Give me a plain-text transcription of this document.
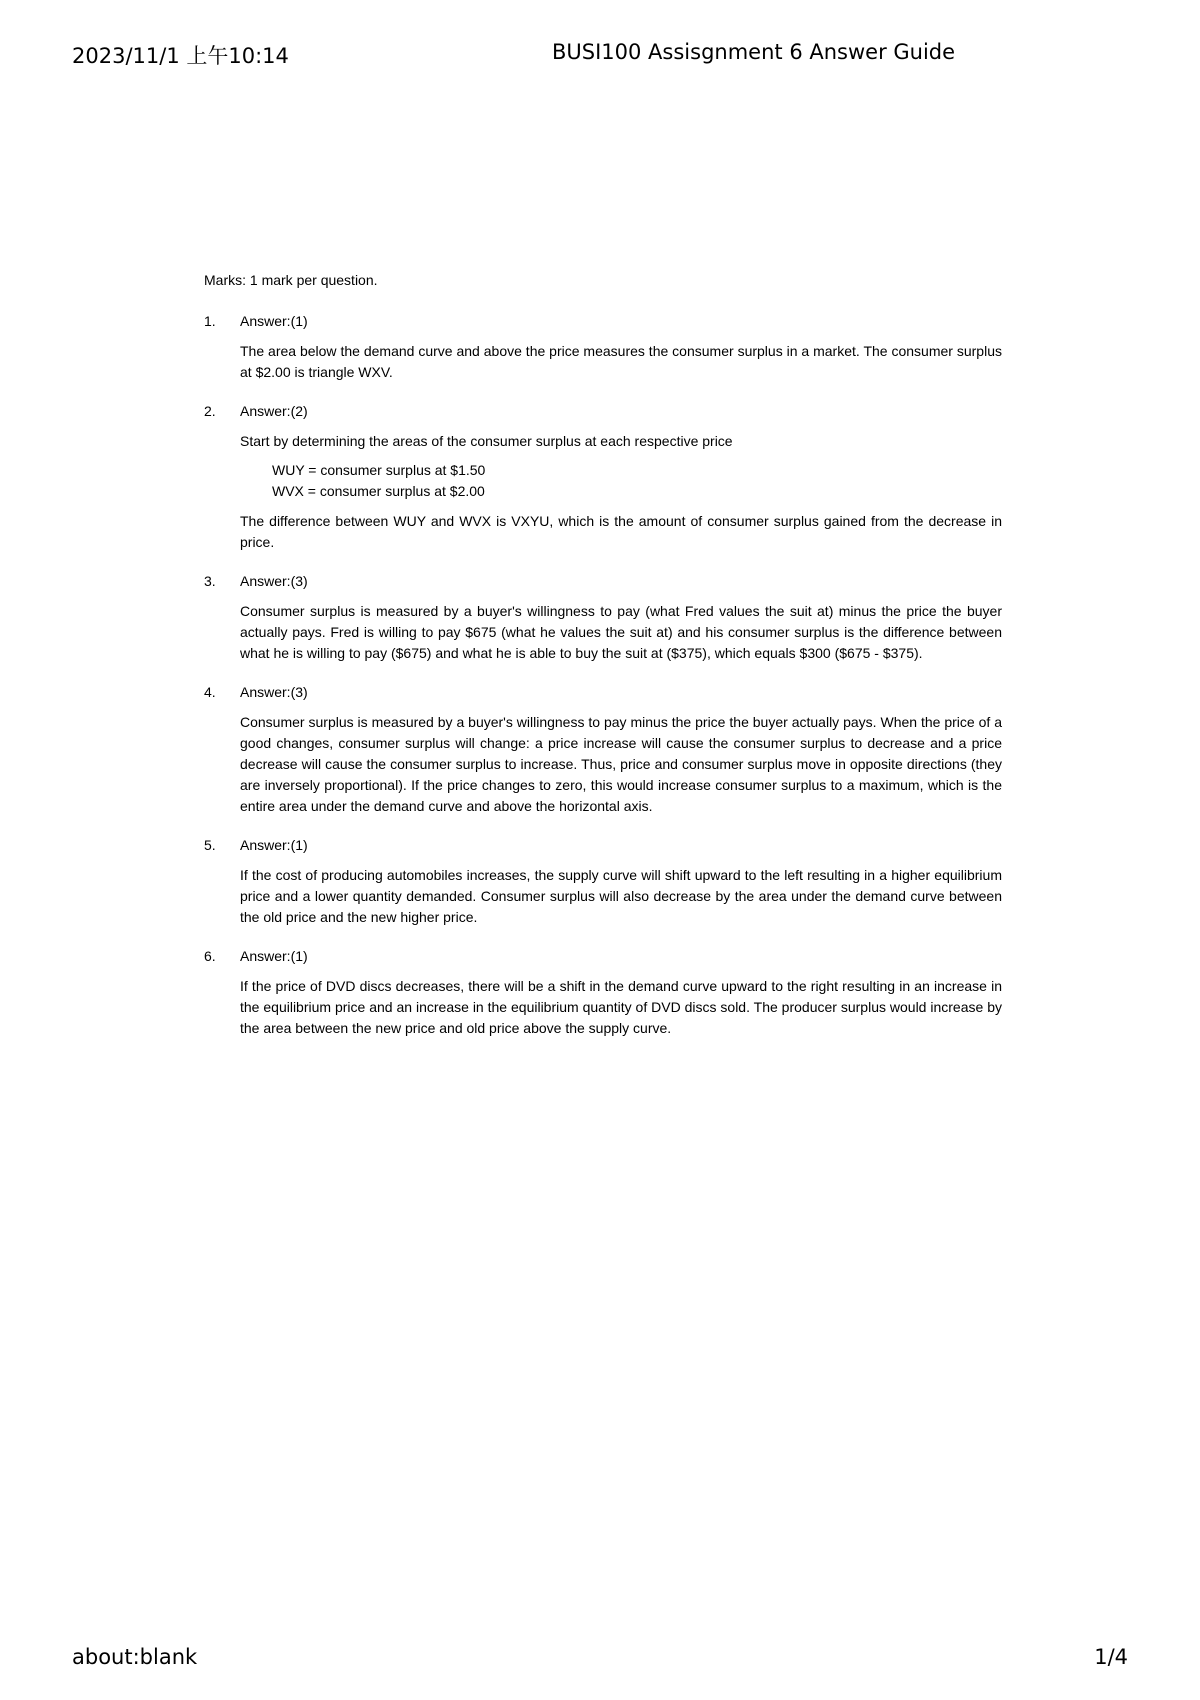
2023/11/1 上午10:14	BUSI100 Assisgnment 6 Answer Guide

Marks: 1 mark per question.

1. Answer:(1)

The area below the demand curve and above the price measures the consumer surplus in a market. The consumer surplus at $2.00 is triangle WXV.

2. Answer:(2)

Start by determining the areas of the consumer surplus at each respective price

WUY = consumer surplus at $1.50
WVX = consumer surplus at $2.00

The difference between WUY and WVX is VXYU, which is the amount of consumer surplus gained from the decrease in price.

3. Answer:(3)

Consumer surplus is measured by a buyer's willingness to pay (what Fred values the suit at) minus the price the buyer actually pays. Fred is willing to pay $675 (what he values the suit at) and his consumer surplus is the difference between what he is willing to pay ($675) and what he is able to buy the suit at ($375), which equals $300 ($675 - $375).

4. Answer:(3)

Consumer surplus is measured by a buyer's willingness to pay minus the price the buyer actually pays. When the price of a good changes, consumer surplus will change: a price increase will cause the consumer surplus to decrease and a price decrease will cause the consumer surplus to increase. Thus, price and consumer surplus move in opposite directions (they are inversely proportional). If the price changes to zero, this would increase consumer surplus to a maximum, which is the entire area under the demand curve and above the horizontal axis.

5. Answer:(1)

If the cost of producing automobiles increases, the supply curve will shift upward to the left resulting in a higher equilibrium price and a lower quantity demanded. Consumer surplus will also decrease by the area under the demand curve between the old price and the new higher price.

6. Answer:(1)

If the price of DVD discs decreases, there will be a shift in the demand curve upward to the right resulting in an increase in the equilibrium price and an increase in the equilibrium quantity of DVD discs sold. The producer surplus would increase by the area between the new price and old price above the supply curve.

about:blank	1/4
